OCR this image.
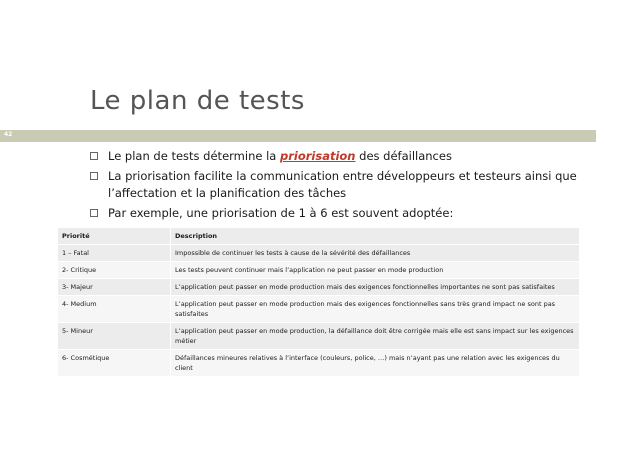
Le plan de tests
42
Le plan de tests détermine la priorisation des défaillances
La priorisation facilite la communication entre développeurs et testeurs ainsi que l’affectation et la planification des tâches
Par exemple, une priorisation de 1 à 6 est souvent adoptée:
Priorité	Description
1 – Fatal	Impossible de continuer les tests à cause de la sévérité des défaillances
2- Critique	Les tests peuvent continuer mais l’application ne peut passer en mode production
3- Majeur	L’application peut passer en mode production mais des exigences fonctionnelles importantes ne sont pas satisfaites
4- Medium	L’application peut passer en mode production mais des exigences fonctionnelles sans très grand impact ne sont pas satisfaites
5- Mineur	L’application peut passer en mode production, la défaillance doit être corrigée mais elle est sans impact sur les exigences métier
6- Cosmétique	Défaillances mineures relatives à l’interface (couleurs, police, …) mais n’ayant pas une relation avec les exigences du client
